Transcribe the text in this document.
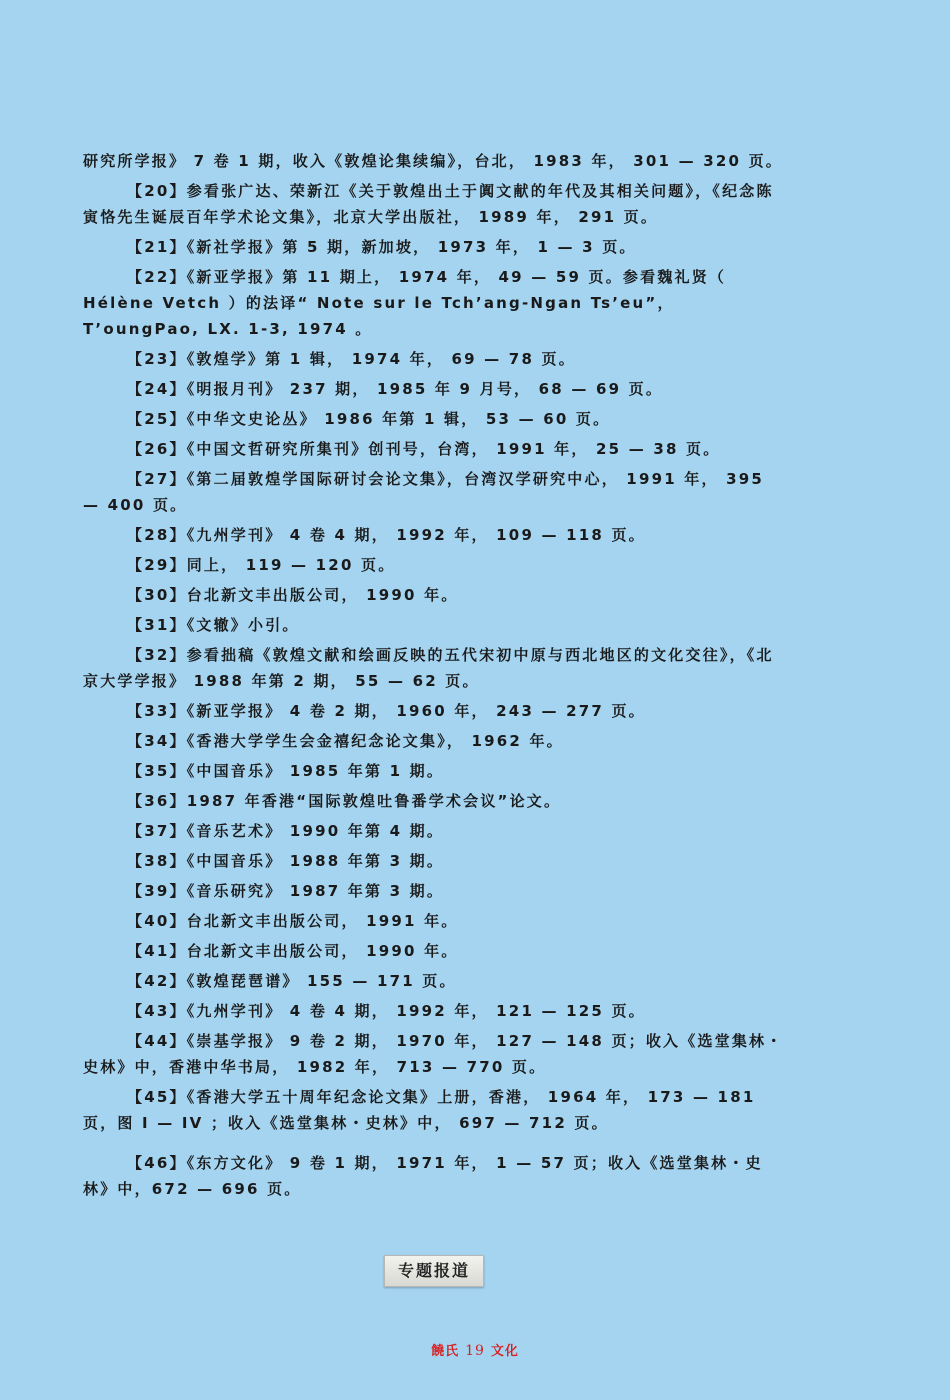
研究所学报》 7 卷 1 期，收入《敦煌论集续编》，台北， 1983 年， 301 — 320 页。

【20】参看张广达、荣新江《关于敦煌出土于阗文献的年代及其相关问题》，《纪念陈寅恪先生诞辰百年学术论文集》，北京大学出版社， 1989 年， 291 页。

【21】《新社学报》第 5 期，新加坡， 1973 年， 1 — 3 页。

【22】《新亚学报》第 11 期上， 1974 年， 49 — 59 页。参看魏礼贤（ Hélène Vetch ）的法译“ Note sur le Tch’ang-Ngan Ts’eu”，T’oungPao, LX. 1-3, 1974 。

【23】《敦煌学》第 1 辑， 1974 年， 69 — 78 页。

【24】《明报月刊》 237 期， 1985 年 9 月号， 68 — 69 页。

【25】《中华文史论丛》 1986 年第 1 辑， 53 — 60 页。

【26】《中国文哲研究所集刊》创刊号，台湾， 1991 年， 25 — 38 页。

【27】《第二届敦煌学国际研讨会论文集》，台湾汉学研究中心， 1991 年， 395 — 400 页。

【28】《九州学刊》 4 卷 4 期， 1992 年， 109 — 118 页。

【29】同上， 119 — 120 页。

【30】台北新文丰出版公司， 1990 年。

【31】《文辙》小引。

【32】参看拙稿《敦煌文献和绘画反映的五代宋初中原与西北地区的文化交往》，《北京大学学报》 1988 年第 2 期， 55 — 62 页。

【33】《新亚学报》 4 卷 2 期， 1960 年， 243 — 277 页。

【34】《香港大学学生会金禧纪念论文集》， 1962 年。

【35】《中国音乐》 1985 年第 1 期。

【36】1987 年香港“国际敦煌吐鲁番学术会议”论文。

【37】《音乐艺术》 1990 年第 4 期。

【38】《中国音乐》 1988 年第 3 期。

【39】《音乐研究》 1987 年第 3 期。

【40】台北新文丰出版公司， 1991 年。

【41】台北新文丰出版公司， 1990 年。

【42】《敦煌琵琶谱》 155 — 171 页。

【43】《九州学刊》 4 卷 4 期， 1992 年， 121 — 125 页。

【44】《崇基学报》 9 卷 2 期， 1970 年， 127 — 148 页；收入《选堂集林・史林》中，香港中华书局， 1982 年， 713 — 770 页。

【45】《香港大学五十周年纪念论文集》上册，香港， 1964 年， 173 — 181 页，图 I — IV ；收入《选堂集林・史林》中， 697 — 712 页。

【46】《东方文化》 9 卷 1 期， 1971 年， 1 — 57 页；收入《选堂集林・史林》中，672 — 696 页。

专题报道
饒氏 19 文化
